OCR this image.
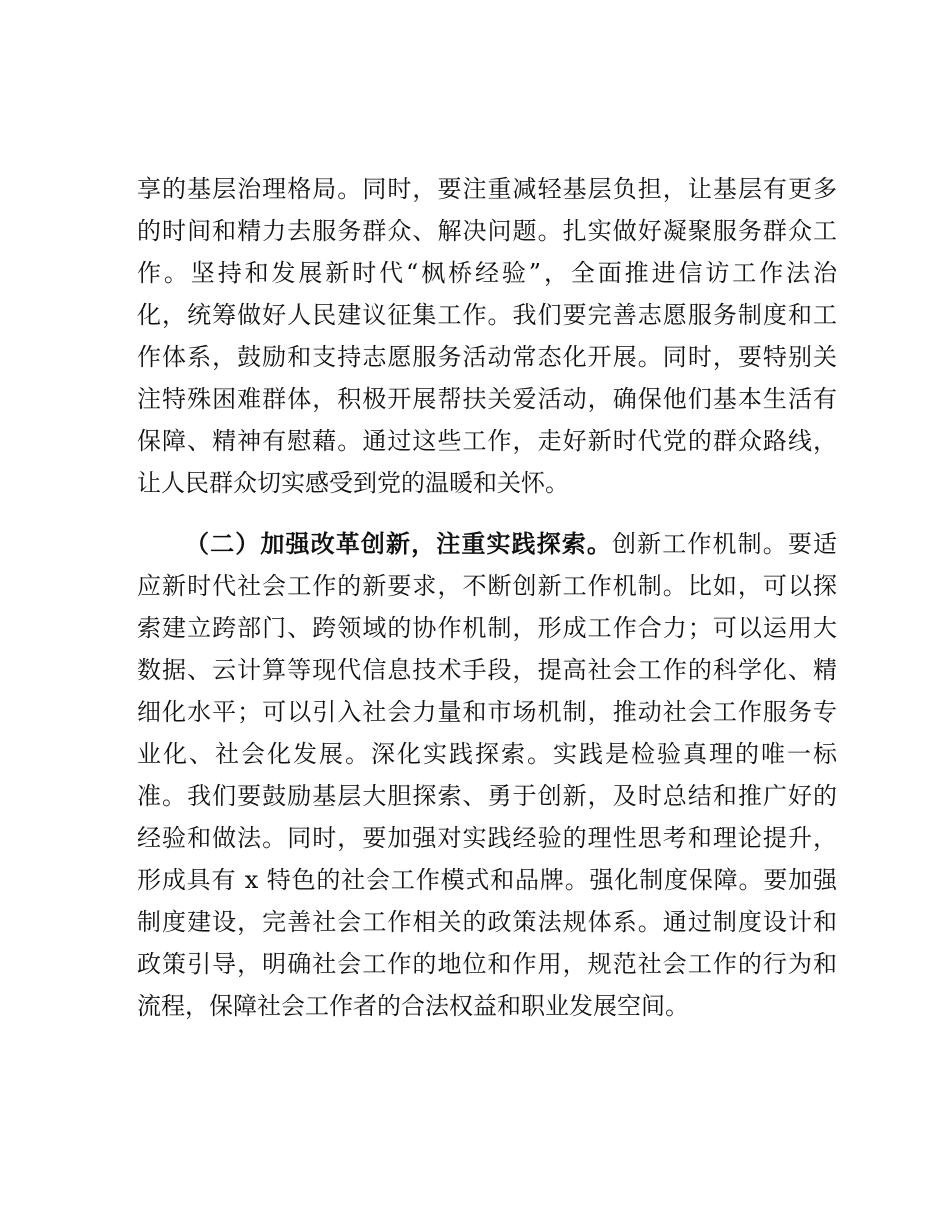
享的基层治理格局。同时，要注重减轻基层负担，让基层有更多
的时间和精力去服务群众、解决问题。扎实做好凝聚服务群众工
作。坚持和发展新时代“枫桥经验”，全面推进信访工作法治
化，统筹做好人民建议征集工作。我们要完善志愿服务制度和工
作体系，鼓励和支持志愿服务活动常态化开展。同时，要特别关
注特殊困难群体，积极开展帮扶关爱活动，确保他们基本生活有
保障、精神有慰藉。通过这些工作，走好新时代党的群众路线，
让人民群众切实感受到党的温暖和关怀。
（二）加强改革创新，注重实践探索。创新工作机制。要适
应新时代社会工作的新要求，不断创新工作机制。比如，可以探
索建立跨部门、跨领域的协作机制，形成工作合力；可以运用大
数据、云计算等现代信息技术手段，提高社会工作的科学化、精
细化水平；可以引入社会力量和市场机制，推动社会工作服务专
业化、社会化发展。深化实践探索。实践是检验真理的唯一标
准。我们要鼓励基层大胆探索、勇于创新，及时总结和推广好的
经验和做法。同时，要加强对实践经验的理性思考和理论提升，
形成具有 x 特色的社会工作模式和品牌。强化制度保障。要加强
制度建设，完善社会工作相关的政策法规体系。通过制度设计和
政策引导，明确社会工作的地位和作用，规范社会工作的行为和
流程，保障社会工作者的合法权益和职业发展空间。
